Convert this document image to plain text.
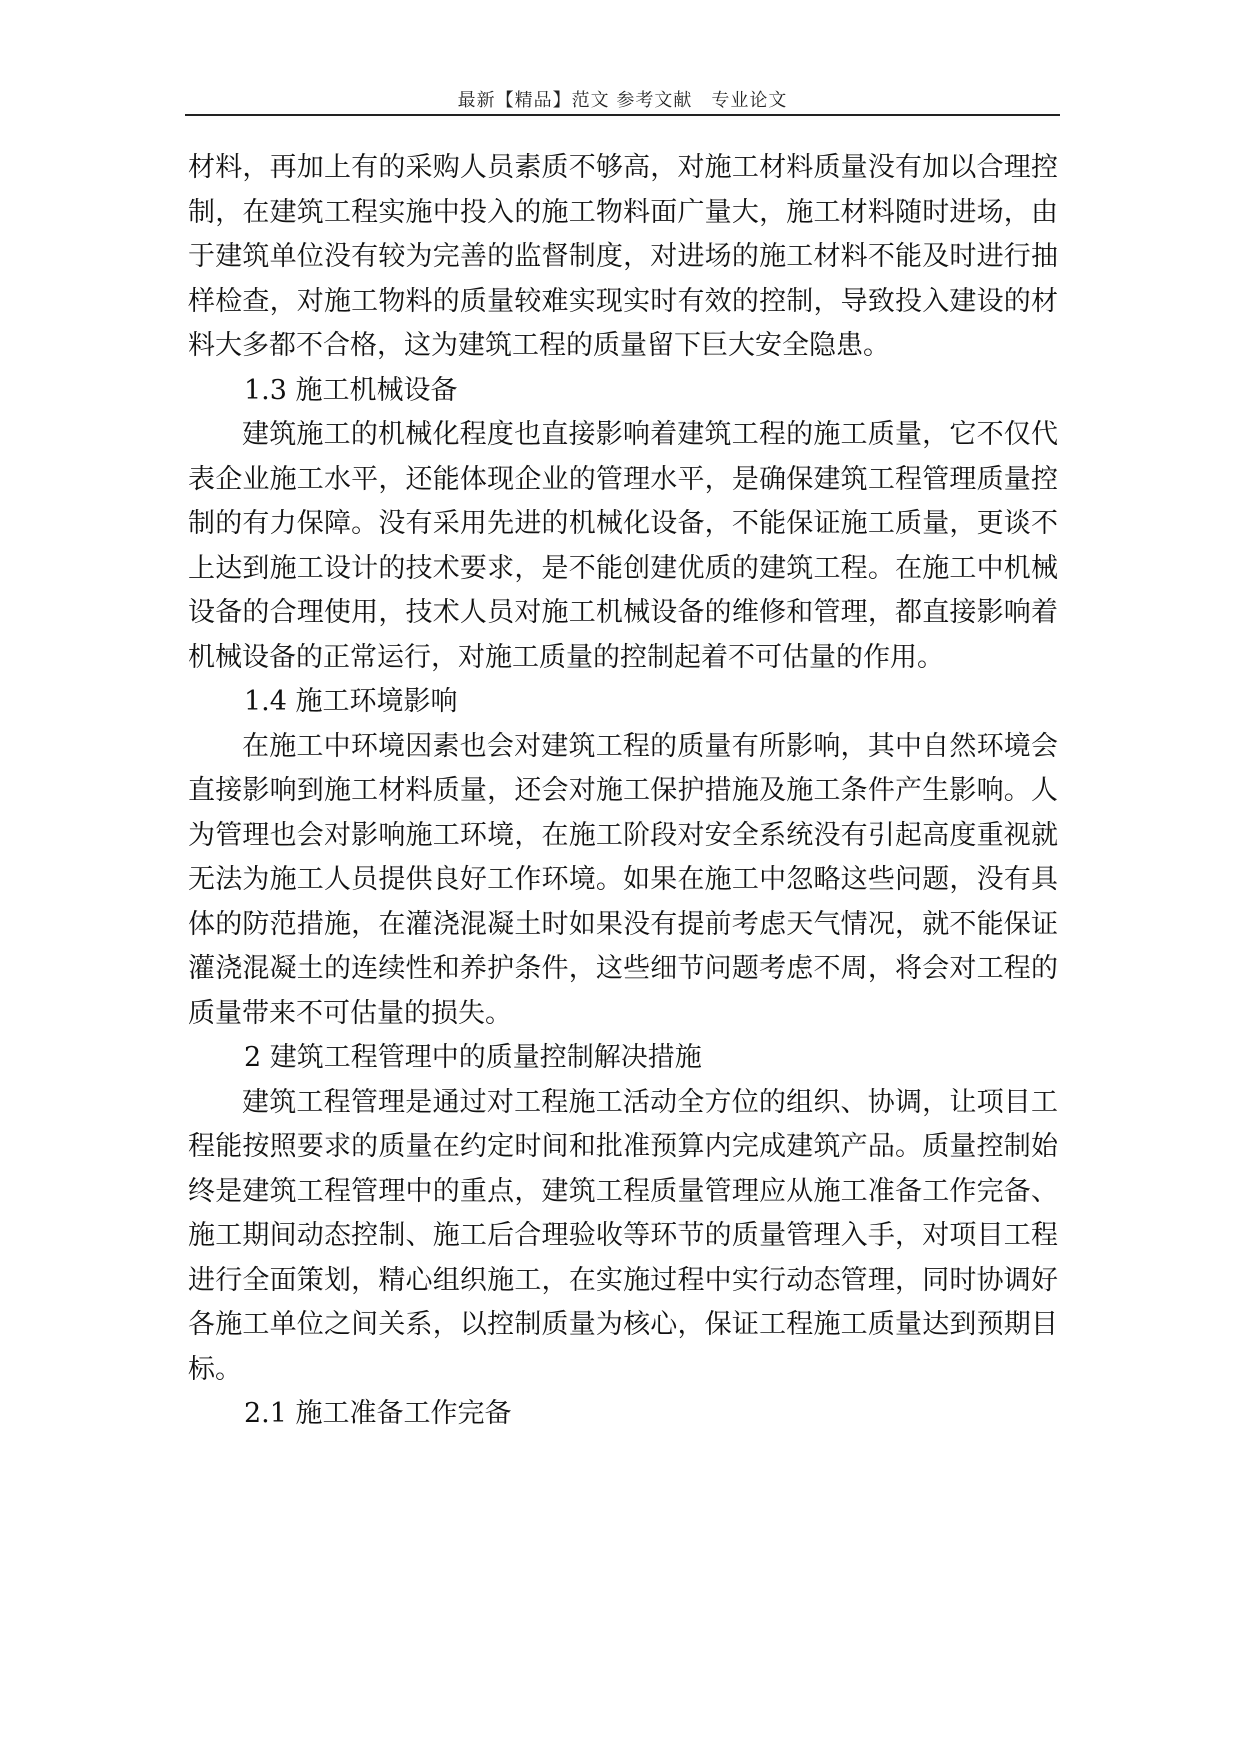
最新【精品】范文 参考文献　专业论文

材料，再加上有的采购人员素质不够高，对施工材料质量没有加以合理控制，在建筑工程实施中投入的施工物料面广量大，施工材料随时进场，由于建筑单位没有较为完善的监督制度，对进场的施工材料不能及时进行抽样检查，对施工物料的质量较难实现实时有效的控制，导致投入建设的材料大多都不合格，这为建筑工程的质量留下巨大安全隐患。

1.3 施工机械设备

建筑施工的机械化程度也直接影响着建筑工程的施工质量，它不仅代表企业施工水平，还能体现企业的管理水平，是确保建筑工程管理质量控制的有力保障。没有采用先进的机械化设备，不能保证施工质量，更谈不上达到施工设计的技术要求，是不能创建优质的建筑工程。在施工中机械设备的合理使用，技术人员对施工机械设备的维修和管理，都直接影响着机械设备的正常运行，对施工质量的控制起着不可估量的作用。

1.4 施工环境影响

在施工中环境因素也会对建筑工程的质量有所影响，其中自然环境会直接影响到施工材料质量，还会对施工保护措施及施工条件产生影响。人为管理也会对影响施工环境，在施工阶段对安全系统没有引起高度重视就无法为施工人员提供良好工作环境。如果在施工中忽略这些问题，没有具体的防范措施，在灌浇混凝土时如果没有提前考虑天气情况，就不能保证灌浇混凝土的连续性和养护条件，这些细节问题考虑不周，将会对工程的质量带来不可估量的损失。

2 建筑工程管理中的质量控制解决措施

建筑工程管理是通过对工程施工活动全方位的组织、协调，让项目工程能按照要求的质量在约定时间和批准预算内完成建筑产品。质量控制始终是建筑工程管理中的重点，建筑工程质量管理应从施工准备工作完备、施工期间动态控制、施工后合理验收等环节的质量管理入手，对项目工程进行全面策划，精心组织施工，在实施过程中实行动态管理，同时协调好各施工单位之间关系，以控制质量为核心，保证工程施工质量达到预期目标。

2.1 施工准备工作完备
